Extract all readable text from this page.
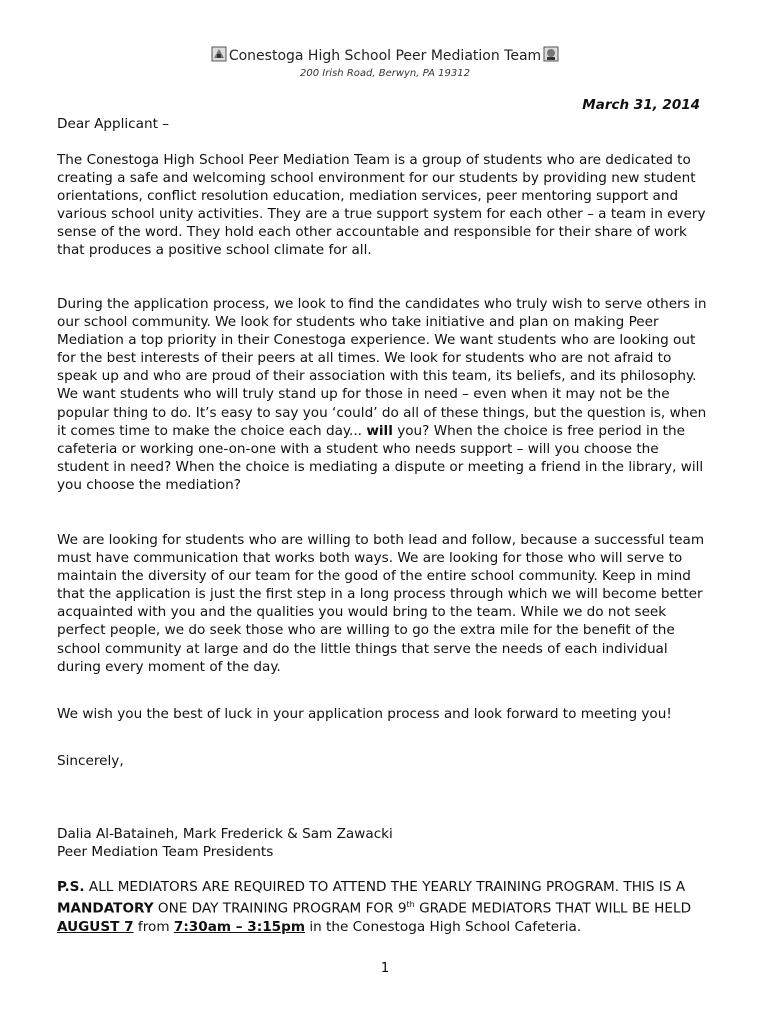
Conestoga High School Peer Mediation Team
200 Irish Road, Berwyn, PA 19312
March 31, 2014
Dear Applicant –

The Conestoga High School Peer Mediation Team is a group of students who are dedicated to creating a safe and welcoming school environment for our students by providing new student orientations, conflict resolution education, mediation services, peer mentoring support and various school unity activities. They are a true support system for each other – a team in every sense of the word. They hold each other accountable and responsible for their share of work that produces a positive school climate for all.

During the application process, we look to find the candidates who truly wish to serve others in our school community. We look for students who take initiative and plan on making Peer Mediation a top priority in their Conestoga experience. We want students who are looking out for the best interests of their peers at all times. We look for students who are not afraid to speak up and who are proud of their association with this team, its beliefs, and its philosophy. We want students who will truly stand up for those in need – even when it may not be the popular thing to do. It’s easy to say you ‘could’ do all of these things, but the question is, when it comes time to make the choice each day... will you? When the choice is free period in the cafeteria or working one-on-one with a student who needs support – will you choose the student in need? When the choice is mediating a dispute or meeting a friend in the library, will you choose the mediation?

We are looking for students who are willing to both lead and follow, because a successful team must have communication that works both ways. We are looking for those who will serve to maintain the diversity of our team for the good of the entire school community. Keep in mind that the application is just the first step in a long process through which we will become better acquainted with you and the qualities you would bring to the team. While we do not seek perfect people, we do seek those who are willing to go the extra mile for the benefit of the school community at large and do the little things that serve the needs of each individual during every moment of the day.

We wish you the best of luck in your application process and look forward to meeting you!

Sincerely,
Dalia Al-Bataineh, Mark Frederick & Sam Zawacki
Peer Mediation Team Presidents

P.S. ALL MEDIATORS ARE REQUIRED TO ATTEND THE YEARLY TRAINING PROGRAM. THIS IS A MANDATORY ONE DAY TRAINING PROGRAM FOR 9th GRADE MEDIATORS THAT WILL BE HELD AUGUST 7 from 7:30am – 3:15pm in the Conestoga High School Cafeteria.

1
